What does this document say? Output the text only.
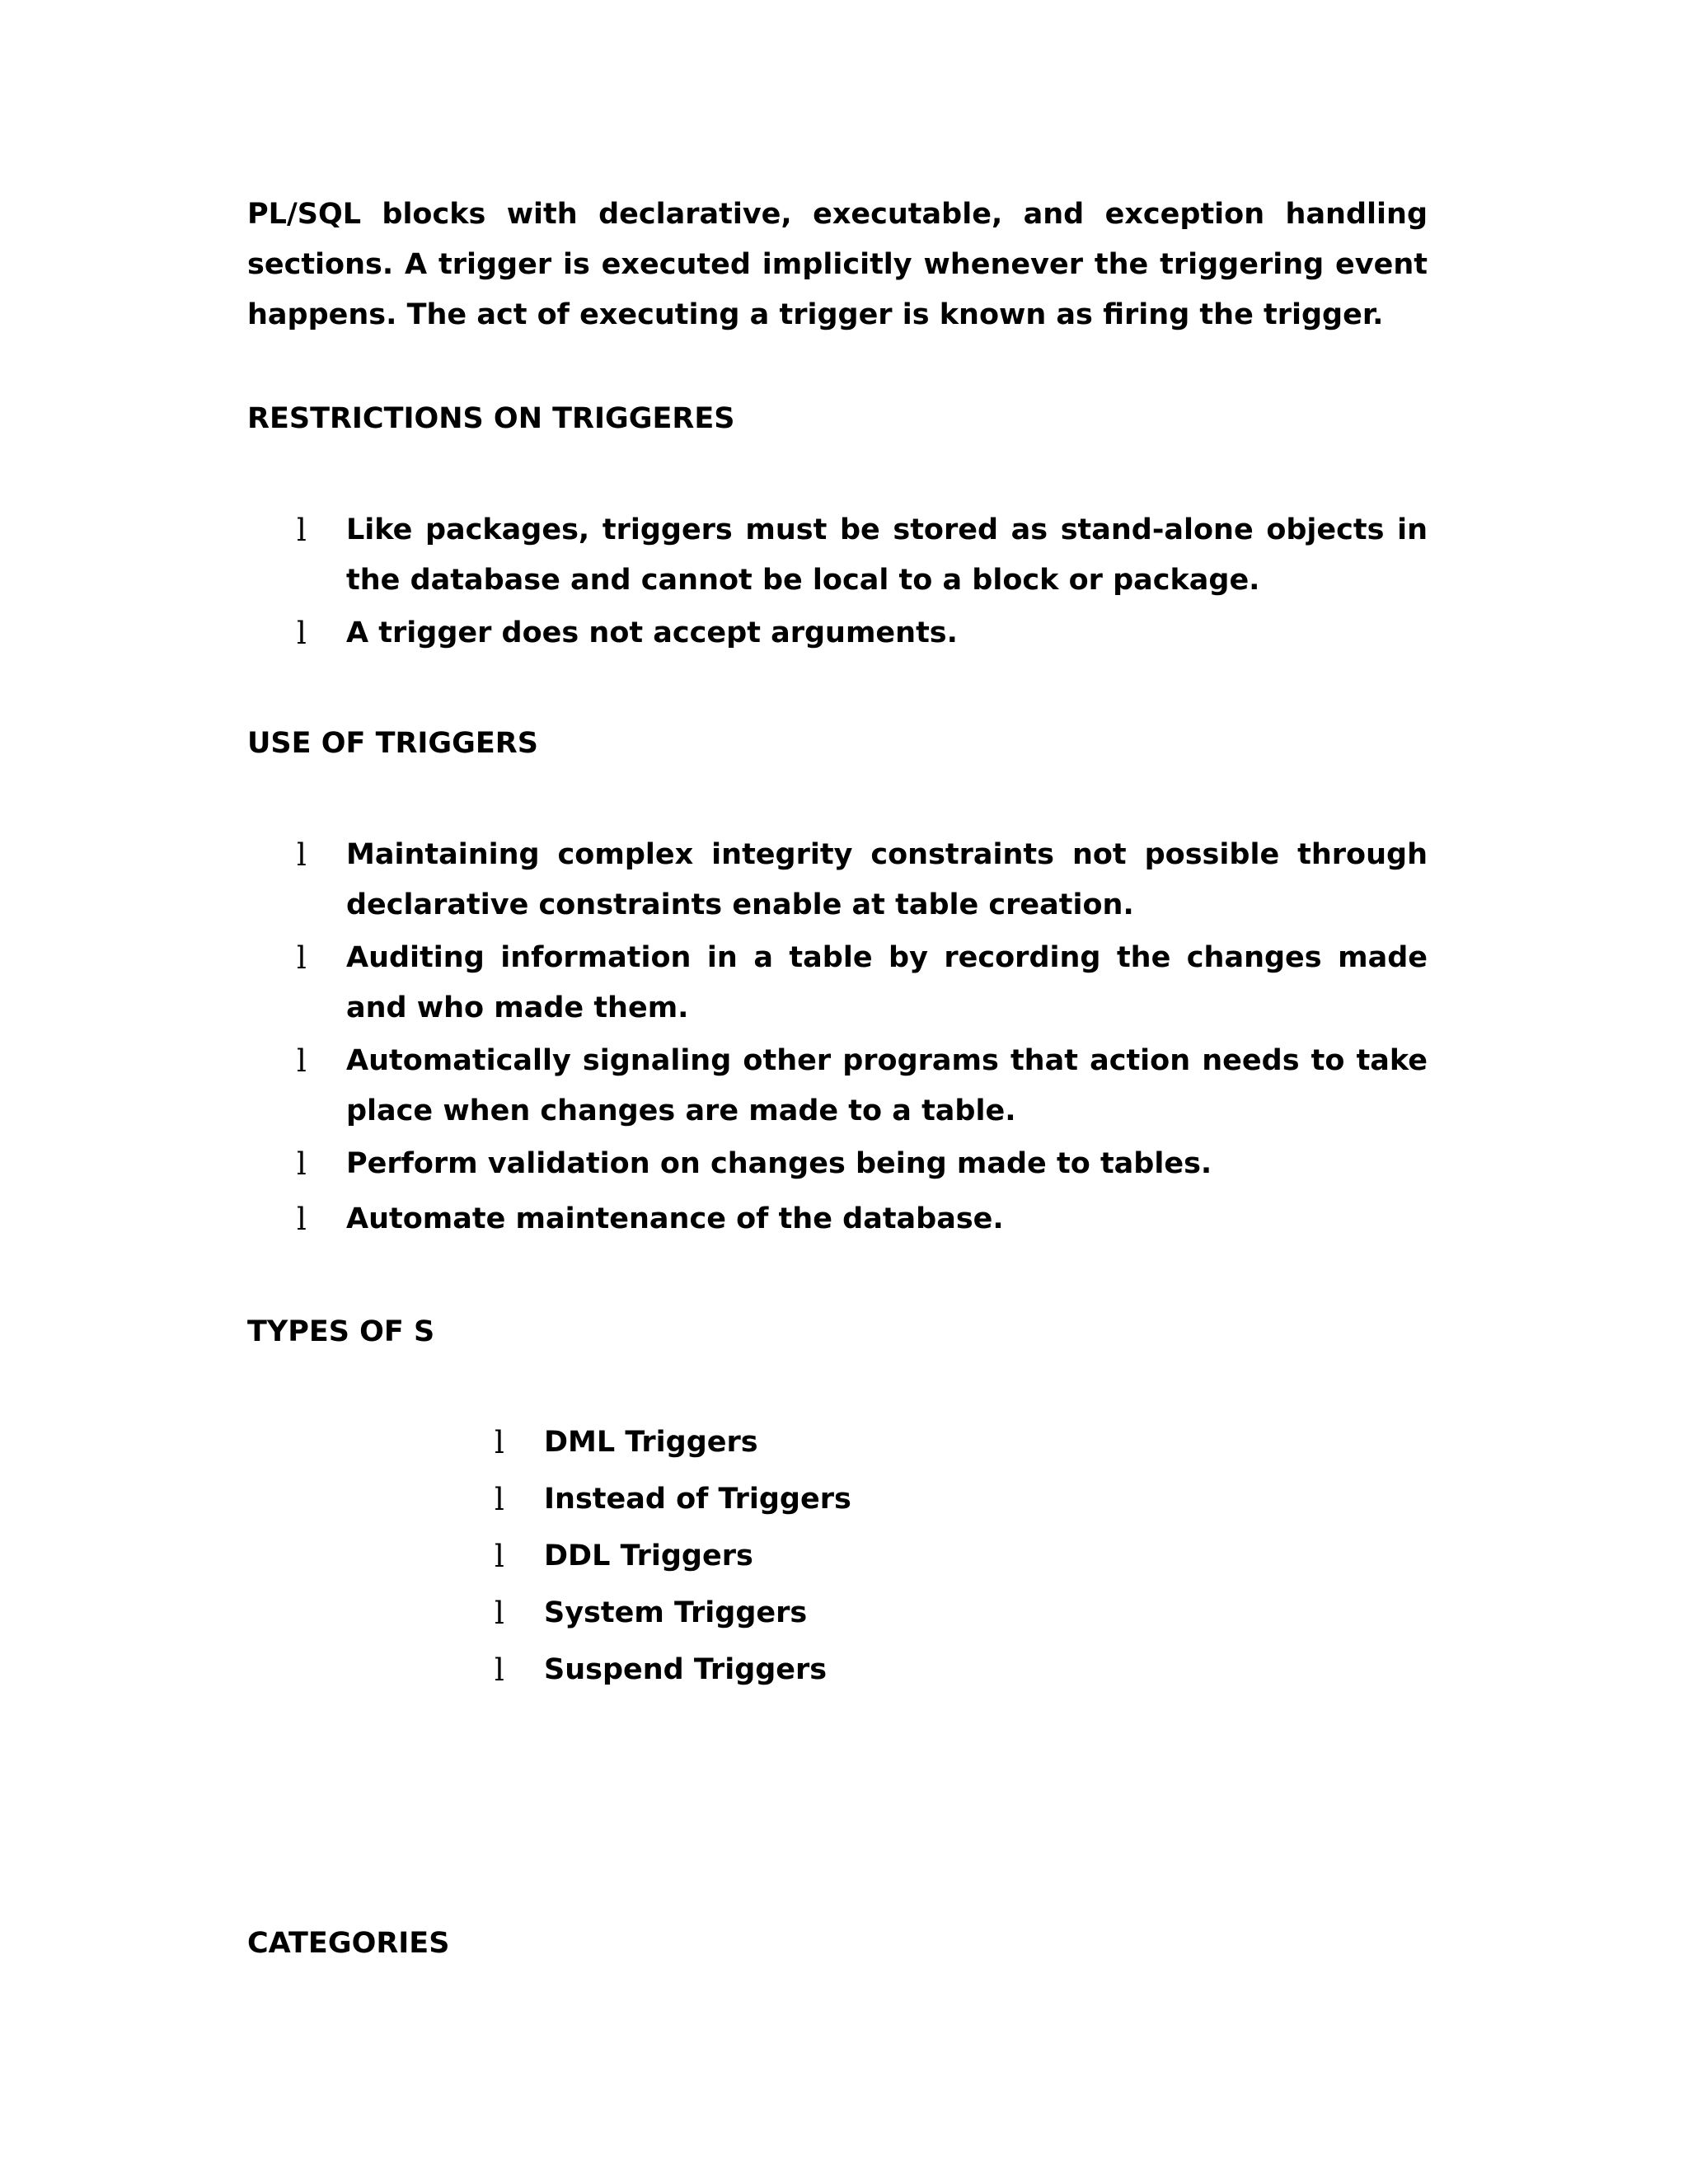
PL/SQL blocks with declarative, executable, and exception handling sections. A trigger is executed implicitly whenever the triggering event happens. The act of executing a trigger is known as firing the trigger.

RESTRICTIONS ON TRIGGERES
l Like packages, triggers must be stored as stand-alone objects in the database and cannot be local to a block or package.
l A trigger does not accept arguments.
USE OF TRIGGERS
l Maintaining complex integrity constraints not possible through declarative constraints enable at table creation.
l Auditing information in a table by recording the changes made and who made them.
l Automatically signaling other programs that action needs to take place when changes are made to a table.
l Perform validation on changes being made to tables.
l Automate maintenance of the database.
TYPES OF S
l DML Triggers
l Instead of Triggers
l DDL Triggers
l System Triggers
l Suspend Triggers
CATEGORIES
